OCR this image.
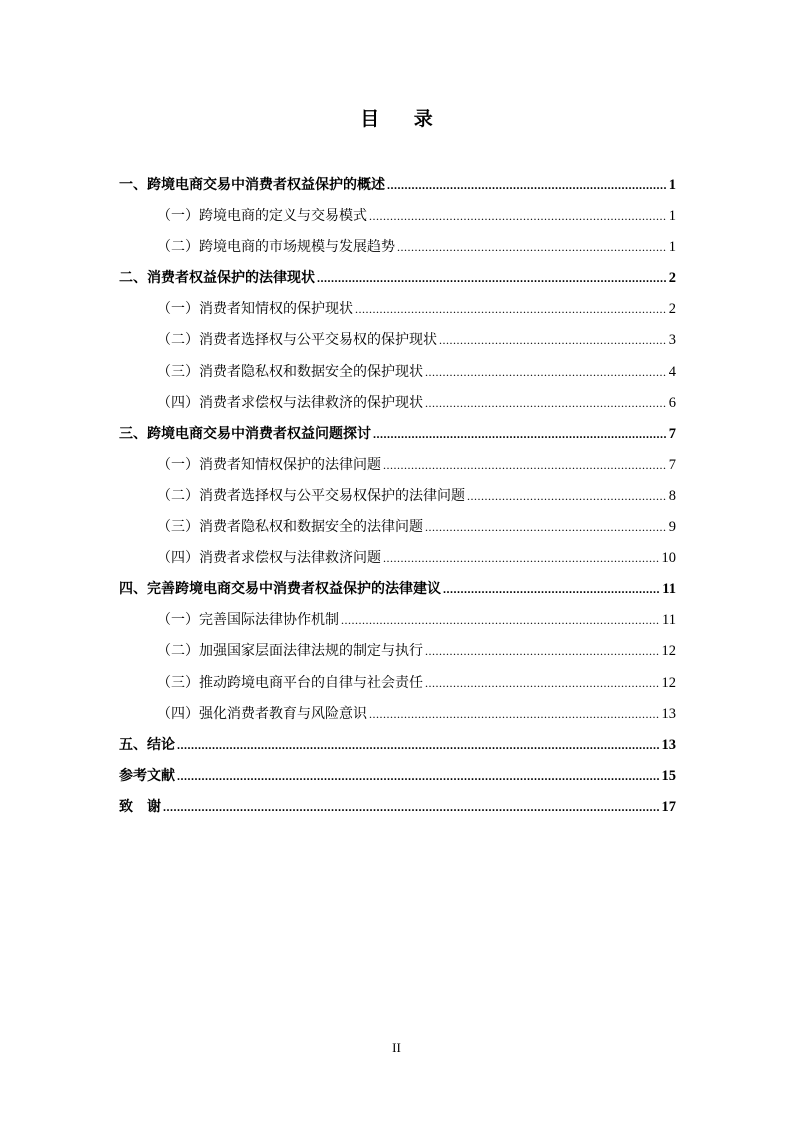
目 录
一、跨境电商交易中消费者权益保护的概述 .....	1
（一）跨境电商的定义与交易模式 .....	1
（二）跨境电商的市场规模与发展趋势 .....	1
二、消费者权益保护的法律现状 .....	2
（一）消费者知情权的保护现状 .....	2
（二）消费者选择权与公平交易权的保护现状 .....	3
（三）消费者隐私权和数据安全的保护现状 .....	4
（四）消费者求偿权与法律救济的保护现状 .....	6
三、跨境电商交易中消费者权益问题探讨 .....	7
（一）消费者知情权保护的法律问题 .....	7
（二）消费者选择权与公平交易权保护的法律问题 .....	8
（三）消费者隐私权和数据安全的法律问题 .....	9
（四）消费者求偿权与法律救济问题 .....	10
四、完善跨境电商交易中消费者权益保护的法律建议 .....	11
（一）完善国际法律协作机制 .....	11
（二）加强国家层面法律法规的制定与执行 .....	12
（三）推动跨境电商平台的自律与社会责任 .....	12
（四）强化消费者教育与风险意识 .....	13
五、结论 .....	13
参考文献 .....	15
致　谢 .....	17
II
